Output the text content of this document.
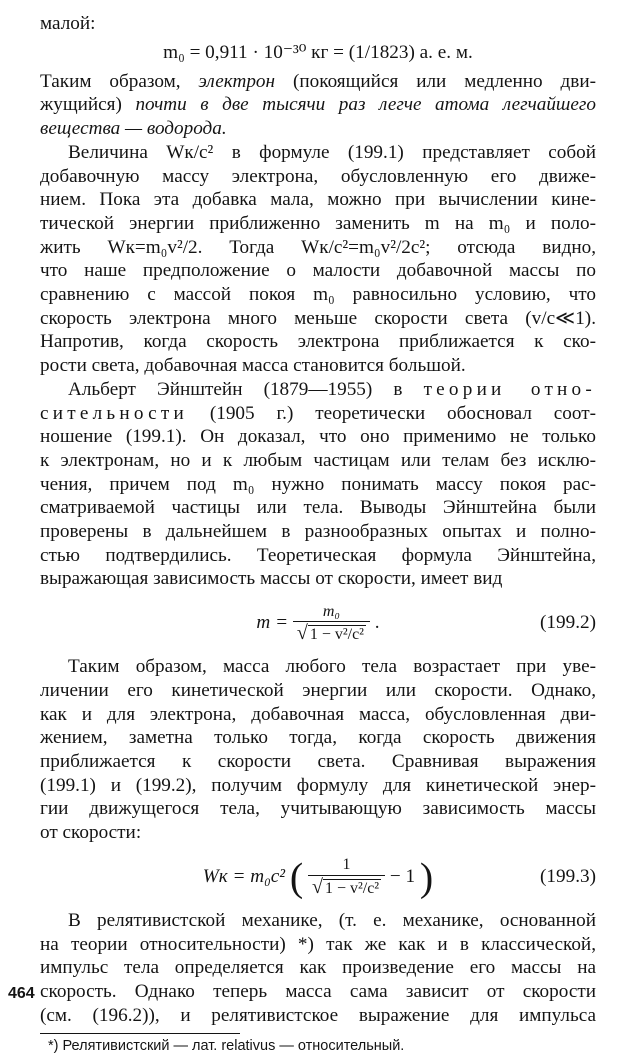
малой:
m₀ = 0,911 · 10⁻³⁰ кг = (1/1823) а. е. м.
Таким образом, электрон (покоящийся или медленно дви-
жущийся) почти в две тысячи раз легче атома легчайшего
вещества — водорода.
Величина Wк/c² в формуле (199.1) представляет собой
добавочную массу электрона, обусловленную его движе-
нием. Пока эта добавка мала, можно при вычислении кине-
тической энергии приближенно заменить m на m₀ и поло-
жить Wк=m₀v²/2. Тогда Wк/c²=m₀v²/2c²; отсюда видно,
что наше предположение о малости добавочной массы по
сравнению с массой покоя m₀ равносильно условию, что
скорость электрона много меньше скорости света (v/c≪1).
Напротив, когда скорость электрона приближается к ско-
рости света, добавочная масса становится большой.
Альберт Эйнштейн (1879—1955) в теории отно-
сительности (1905 г.) теоретически обосновал соот-
ношение (199.1). Он доказал, что оно применимо не только
к электронам, но и к любым частицам или телам без исклю-
чения, причем под m₀ нужно понимать массу покоя рас-
сматриваемой частицы или тела. Выводы Эйнштейна были
проверены в дальнейшем в разнообразных опытах и полно-
стью подтвердились. Теоретическая формула Эйнштейна,
выражающая зависимость массы от скорости, имеет вид
$m = \frac{\text{m₀}}{\text{√ 1 − v²/c²}}$ .	(199.2)
Таким образом, масса любого тела возрастает при уве-
личении его кинетической энергии или скорости. Однако,
как и для электрона, добавочная масса, обусловленная дви-
жением, заметна только тогда, когда скорость движения
приближается к скорости света. Сравнивая выражения
(199.1) и (199.2), получим формулу для кинетической энер-
гии движущегося тела, учитывающую зависимость массы
от скорости:
Wк = m₀c² ( $\frac{1}{\text{√ 1 − v²/c²}} - 1$ )	(199.3)
В релятивистской механике, (т. е. механике, основанной
на теории относительности) *) так же как и в классической,
импульс тела определяется как произведение его массы на
скорость. Однако теперь масса сама зависит от скорости
(см. (196.2)), и релятивистское выражение для импульса
*) Релятивистский — лат. relativus — относительный.
464
